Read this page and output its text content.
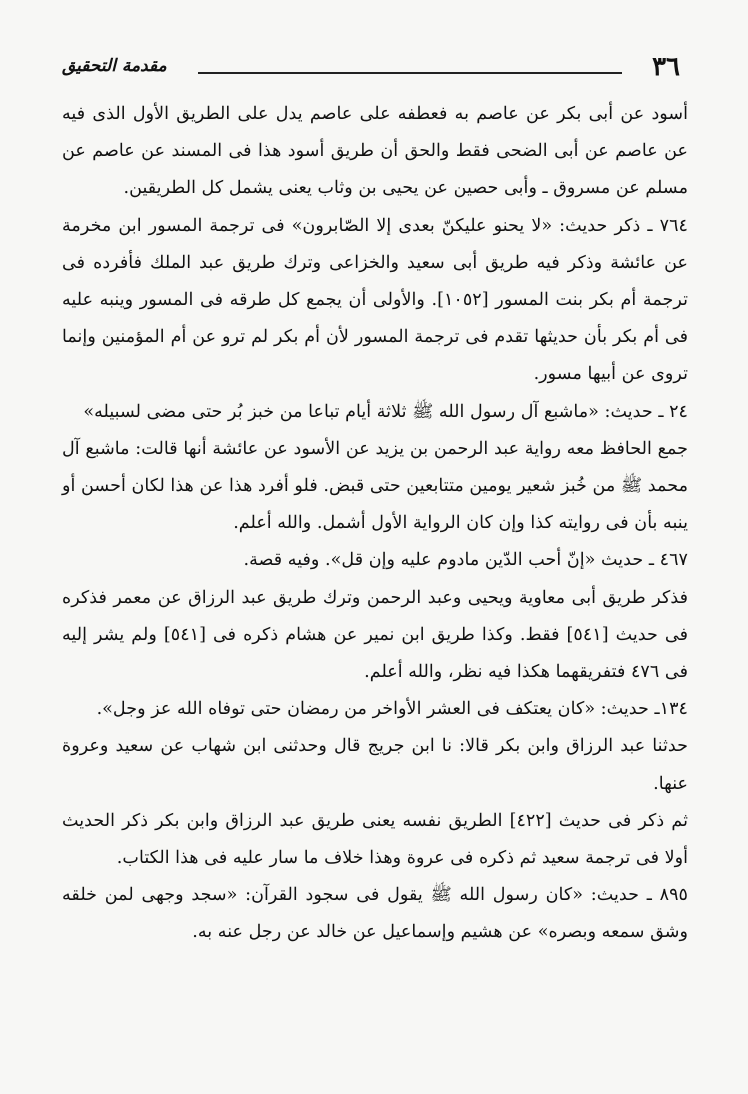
٣٦
مقدمة التحقيق

أسود عن أبى بكر عن عاصم به فعطفه على عاصم يدل على الطريق الأول الذى فيه عن عاصم عن أبى الضحى فقط والحق أن طريق أسود هذا فى المسند عن عاصم عن مسلم عن مسروق ـ وأبى حصين عن يحيى بن وثاب يعنى يشمل كل الطريقين.

٧٦٤ ـ ذكر حديث: «لا يحنو عليكنّ بعدى إلا الصّابرون» فى ترجمة المسور ابن مخرمة عن عائشة وذكر فيه طريق أبى سعيد والخزاعى وترك طريق عبد الملك فأفرده فى ترجمة أم بكر بنت المسور [١٠٥٢]. والأولى أن يجمع كل طرقه فى المسور وينبه عليه فى أم بكر بأن حديثها تقدم فى ترجمة المسور لأن أم بكر لم ترو عن أم المؤمنين وإنما تروى عن أبيها مسور.

٢٤ ـ حديث: «ماشبع آل رسول الله ﷺ ثلاثة أيام تباعا من خبز بُر حتى مضى لسبيله»

جمع الحافظ معه رواية عبد الرحمن بن يزيد عن الأسود عن عائشة أنها قالت: ماشبع آل محمد ﷺ من خُبز شعير يومين متتابعين حتى قبض. فلو أفرد هذا عن هذا لكان أحسن أو ينبه بأن فى روايته كذا وإن كان الرواية الأول أشمل. والله أعلم.

٤٦٧ ـ حديث «إنّ أحب الدّين مادوم عليه وإن قل». وفيه قصة.

فذكر طريق أبى معاوية ويحيى وعبد الرحمن وترك طريق عبد الرزاق عن معمر فذكره فى حديث [٥٤١] فقط. وكذا طريق ابن نمير عن هشام ذكره فى [٥٤١] ولم يشر إليه فى ٤٧٦ فتفريقهما هكذا فيه نظر، والله أعلم.

١٣٤ـ حديث: «كان يعتكف فى العشر الأواخر من رمضان حتى توفاه الله عز وجل».

حدثنا عبد الرزاق وابن بكر قالا: نا ابن جريج قال وحدثنى ابن شهاب عن سعيد وعروة عنها.

ثم ذكر فى حديث [٤٢٢] الطريق نفسه يعنى طريق عبد الرزاق وابن بكر ذكر الحديث أولا فى ترجمة سعيد ثم ذكره فى عروة وهذا خلاف ما سار عليه فى هذا الكتاب.

٨٩٥ ـ حديث: «كان رسول الله ﷺ يقول فى سجود القرآن: «سجد وجهى لمن خلقه وشق سمعه وبصره» عن هشيم وإسماعيل عن خالد عن رجل عنه به.
